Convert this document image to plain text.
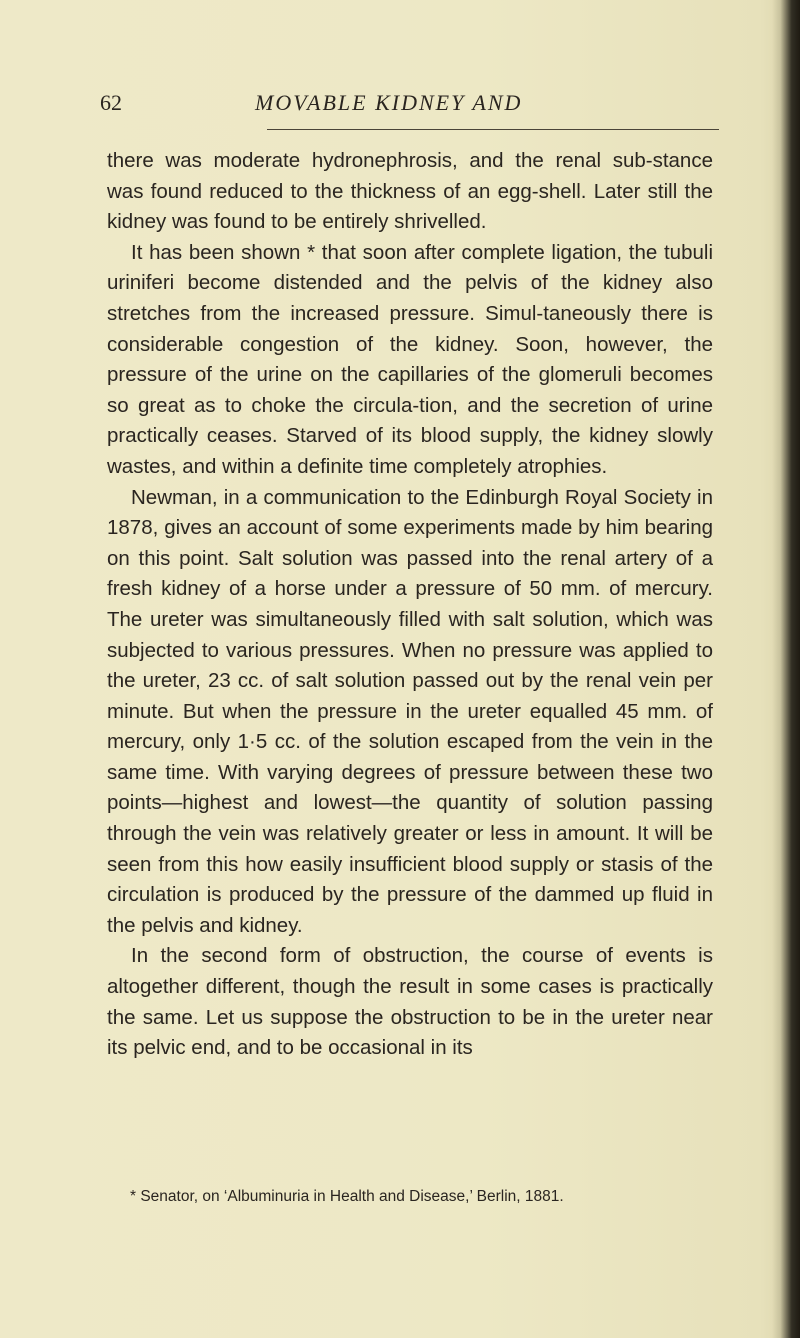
62	MOVABLE KIDNEY AND

there was moderate hydronephrosis, and the renal sub-stance was found reduced to the thickness of an egg-shell. Later still the kidney was found to be entirely shrivelled.

It has been shown * that soon after complete ligation, the tubuli uriniferi become distended and the pelvis of the kidney also stretches from the increased pressure. Simul-taneously there is considerable congestion of the kidney. Soon, however, the pressure of the urine on the capillaries of the glomeruli becomes so great as to choke the circula-tion, and the secretion of urine practically ceases. Starved of its blood supply, the kidney slowly wastes, and within a definite time completely atrophies.

Newman, in a communication to the Edinburgh Royal Society in 1878, gives an account of some experiments made by him bearing on this point. Salt solution was passed into the renal artery of a fresh kidney of a horse under a pressure of 50 mm. of mercury. The ureter was simultaneously filled with salt solution, which was subjected to various pressures. When no pressure was applied to the ureter, 23 cc. of salt solution passed out by the renal vein per minute. But when the pressure in the ureter equalled 45 mm. of mercury, only 1·5 cc. of the solution escaped from the vein in the same time. With varying degrees of pressure between these two points—highest and lowest—the quantity of solution passing through the vein was relatively greater or less in amount. It will be seen from this how easily insufficient blood supply or stasis of the circulation is produced by the pressure of the dammed up fluid in the pelvis and kidney.

In the second form of obstruction, the course of events is altogether different, though the result in some cases is practically the same. Let us suppose the obstruction to be in the ureter near its pelvic end, and to be occasional in its

* Senator, on ‘Albuminuria in Health and Disease,’ Berlin, 1881.
